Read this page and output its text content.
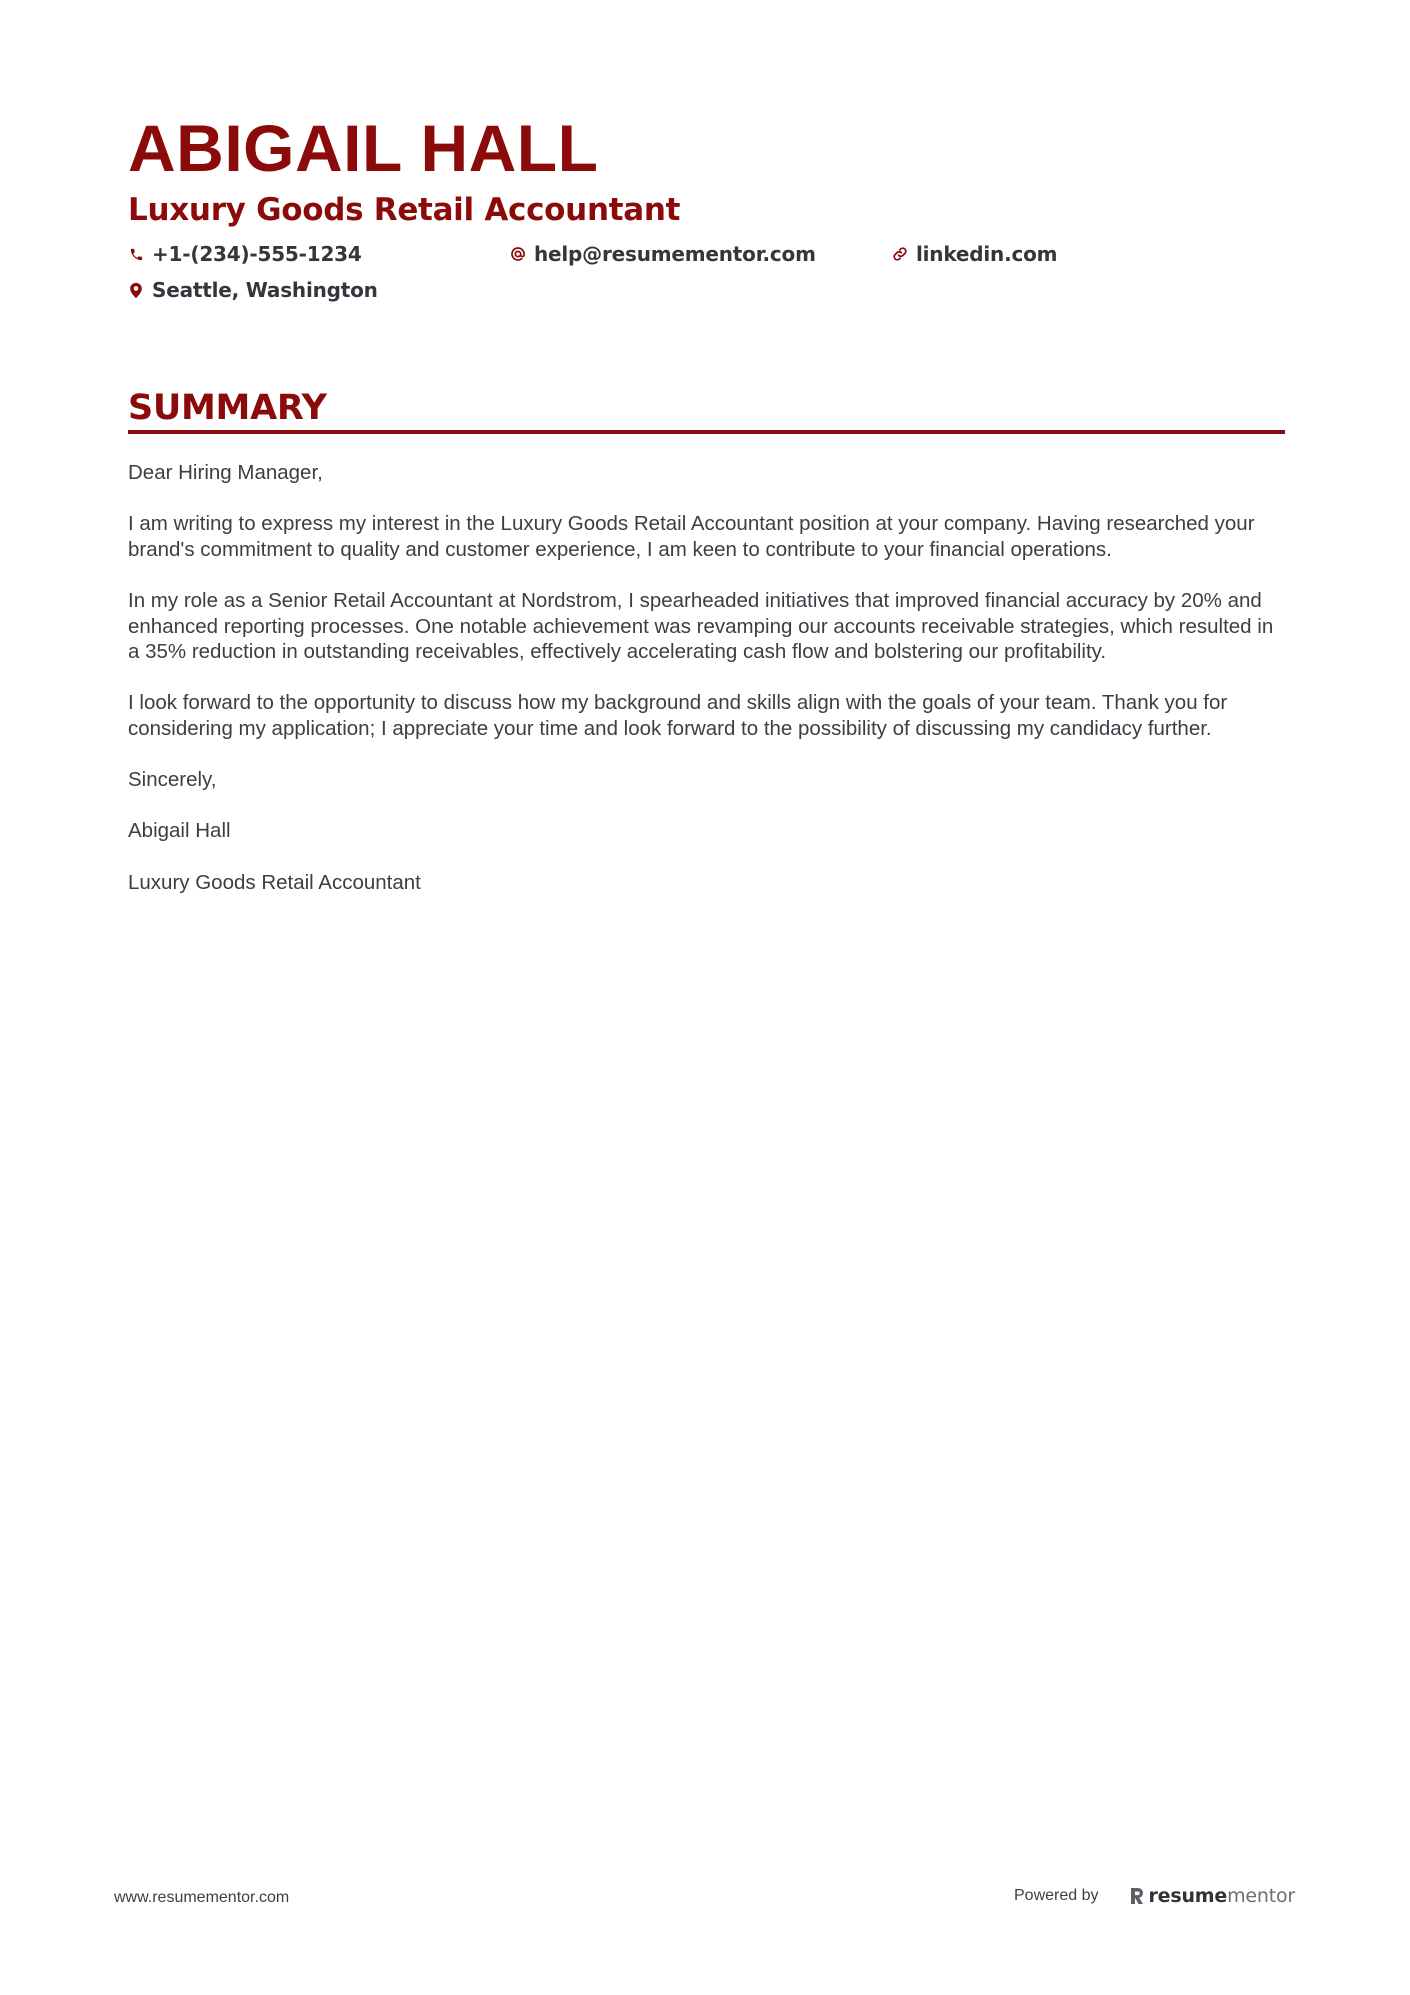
ABIGAIL HALL
Luxury Goods Retail Accountant
+1-(234)-555-1234	help@resumementor.com	linkedin.com
Seattle, Washington
SUMMARY

Dear Hiring Manager,

I am writing to express my interest in the Luxury Goods Retail Accountant position at your company. Having researched your brand's commitment to quality and customer experience, I am keen to contribute to your financial operations.

In my role as a Senior Retail Accountant at Nordstrom, I spearheaded initiatives that improved financial accuracy by 20% and enhanced reporting processes. One notable achievement was revamping our accounts receivable strategies, which resulted in a 35% reduction in outstanding receivables, effectively accelerating cash flow and bolstering our profitability.

I look forward to the opportunity to discuss how my background and skills align with the goals of your team. Thank you for considering my application; I appreciate your time and look forward to the possibility of discussing my candidacy further.

Sincerely,

Abigail Hall

Luxury Goods Retail Accountant

www.resumementor.com	Powered by	resume mentor
